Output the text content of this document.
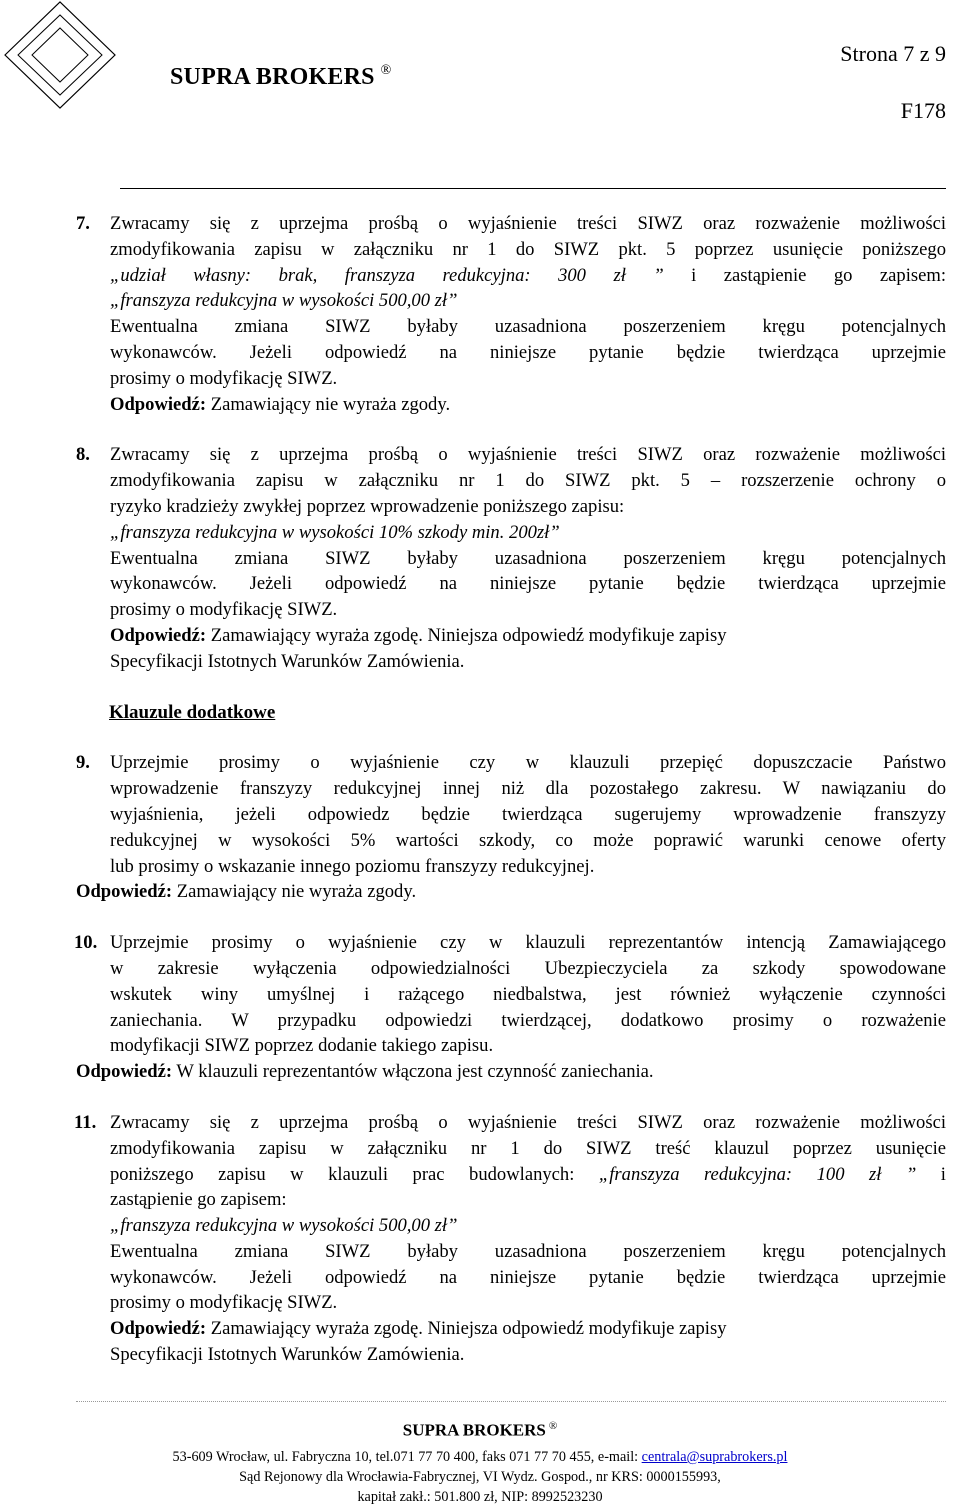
SUPRA BROKERS ®
Strona 7 z 9
F178
7. Zwracamy się z uprzejma prośbą o wyjaśnienie treści SIWZ oraz rozważenie możliwości
zmodyfikowania zapisu w załączniku nr 1 do SIWZ pkt. 5 poprzez usunięcie poniższego
„udział własny: brak, franszyza redukcyjna: 300 zł ” i zastąpienie go zapisem:
„franszyza redukcyjna w wysokości 500,00 zł”
Ewentualna zmiana SIWZ byłaby uzasadniona poszerzeniem kręgu potencjalnych
wykonawców. Jeżeli odpowiedź na niniejsze pytanie będzie twierdząca uprzejmie
prosimy o modyfikację SIWZ.
Odpowiedź: Zamawiający nie wyraża zgody.
8. Zwracamy się z uprzejma prośbą o wyjaśnienie treści SIWZ oraz rozważenie możliwości
zmodyfikowania zapisu w załączniku nr 1 do SIWZ pkt. 5 – rozszerzenie ochrony o
ryzyko kradzieży zwykłej poprzez wprowadzenie poniższego zapisu:
„franszyza redukcyjna w wysokości 10% szkody min. 200zł”
Ewentualna zmiana SIWZ byłaby uzasadniona poszerzeniem kręgu potencjalnych
wykonawców. Jeżeli odpowiedź na niniejsze pytanie będzie twierdząca uprzejmie
prosimy o modyfikację SIWZ.
Odpowiedź: Zamawiający wyraża zgodę. Niniejsza odpowiedź modyfikuje zapisy
Specyfikacji Istotnych Warunków Zamówienia.
Klauzule dodatkowe
9. Uprzejmie prosimy o wyjaśnienie czy w klauzuli przepięć dopuszczacie Państwo
wprowadzenie franszyzy redukcyjnej innej niż dla pozostałego zakresu. W nawiązaniu do
wyjaśnienia, jeżeli odpowiedz będzie twierdząca sugerujemy wprowadzenie franszyzy
redukcyjnej w wysokości 5% wartości szkody, co może poprawić warunki cenowe oferty
lub prosimy o wskazanie innego poziomu franszyzy redukcyjnej.
Odpowiedź: Zamawiający nie wyraża zgody.
10. Uprzejmie prosimy o wyjaśnienie czy w klauzuli reprezentantów intencją Zamawiającego
w zakresie wyłączenia odpowiedzialności Ubezpieczyciela za szkody spowodowane
wskutek winy umyślnej i rażącego niedbalstwa, jest również wyłączenie czynności
zaniechania. W przypadku odpowiedzi twierdzącej, dodatkowo prosimy o rozważenie
modyfikacji SIWZ poprzez dodanie takiego zapisu.
Odpowiedź: W klauzuli reprezentantów włączona jest czynność zaniechania.
11. Zwracamy się z uprzejma prośbą o wyjaśnienie treści SIWZ oraz rozważenie możliwości
zmodyfikowania zapisu w załączniku nr 1 do SIWZ treść klauzul poprzez usunięcie
poniższego zapisu w klauzuli prac budowlanych: „franszyza redukcyjna: 100 zł ” i
zastąpienie go zapisem:
„franszyza redukcyjna w wysokości 500,00 zł”
Ewentualna zmiana SIWZ byłaby uzasadniona poszerzeniem kręgu potencjalnych
wykonawców. Jeżeli odpowiedź na niniejsze pytanie będzie twierdząca uprzejmie
prosimy o modyfikację SIWZ.
Odpowiedź: Zamawiający wyraża zgodę. Niniejsza odpowiedź modyfikuje zapisy
Specyfikacji Istotnych Warunków Zamówienia.
SUPRA BROKERS ®
53-609 Wrocław, ul. Fabryczna 10, tel.071 77 70 400, faks 071 77 70 455, e-mail: centrala@suprabrokers.pl
Sąd Rejonowy dla Wrocławia-Fabrycznej, VI Wydz. Gospod., nr KRS: 0000155993,
kapitał zakł.: 501.800 zł, NIP: 8992523230
